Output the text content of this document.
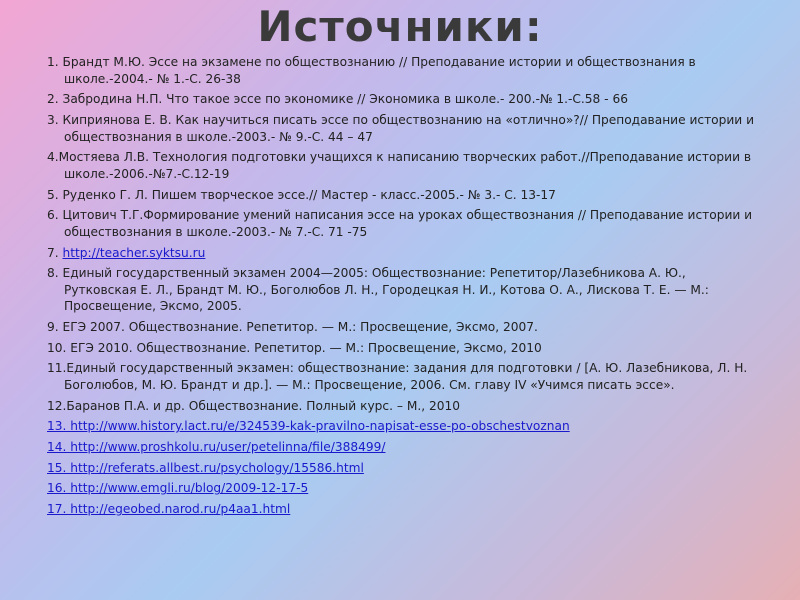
Источники:
1. Брандт М.Ю. Эссе на экзамене по обществознанию // Преподавание истории и обществознания в школе.-2004.- № 1.-С. 26-38
2. Забродина Н.П. Что такое эссе по экономике // Экономика в школе.- 200.-№ 1.-С.58 - 66
3. Киприянова Е. В. Как научиться писать эссе по обществознанию на «отлично»?// Преподавание истории и обществознания в школе.-2003.- № 9.-С. 44 – 47
4.Мостяева Л.В. Технология подготовки учащихся к написанию творческих работ.//Преподавание истории в школе.-2006.-№7.-С.12-19
5. Руденко Г. Л. Пишем творческое эссе.// Мастер - класс.-2005.- № 3.- С. 13-17
6. Цитович Т.Г.Формирование умений написания эссе на уроках обществознания // Преподавание истории и обществознания в школе.-2003.- № 7.-С. 71 -75
7. http://teacher.syktsu.ru
8. Единый государственный экзамен 2004—2005: Обществознание: Репетитор/Лазебникова А. Ю., Рутковская Е. Л., Брандт М. Ю., Боголюбов Л. Н., Городецкая Н. И., Котова О. А., Лискова Т. Е. — М.: Просвещение, Эксмо, 2005.
9. ЕГЭ 2007. Обществознание. Репетитор. — М.: Просвещение, Эксмо, 2007.
10. ЕГЭ 2010. Обществознание. Репетитор. — М.: Просвещение, Эксмо, 2010
11.Единый государственный экзамен: обществознание: задания для подготовки / [А. Ю. Лазебникова, Л. Н. Боголюбов, М. Ю. Брандт и др.]. — М.: Просвещение, 2006. См. главу IV «Учимся писать эссе».
12.Баранов П.А. и др. Обществознание. Полный курс. – М., 2010
13. http://www.history.lact.ru/e/324539-kak-pravilno-napisat-esse-po-obschestvoznan
14. http://www.proshkolu.ru/user/petelinna/file/388499/
15. http://referats.allbest.ru/psychology/15586.html
16. http://www.emgli.ru/blog/2009-12-17-5
17. http://egeobed.narod.ru/p4aa1.html
